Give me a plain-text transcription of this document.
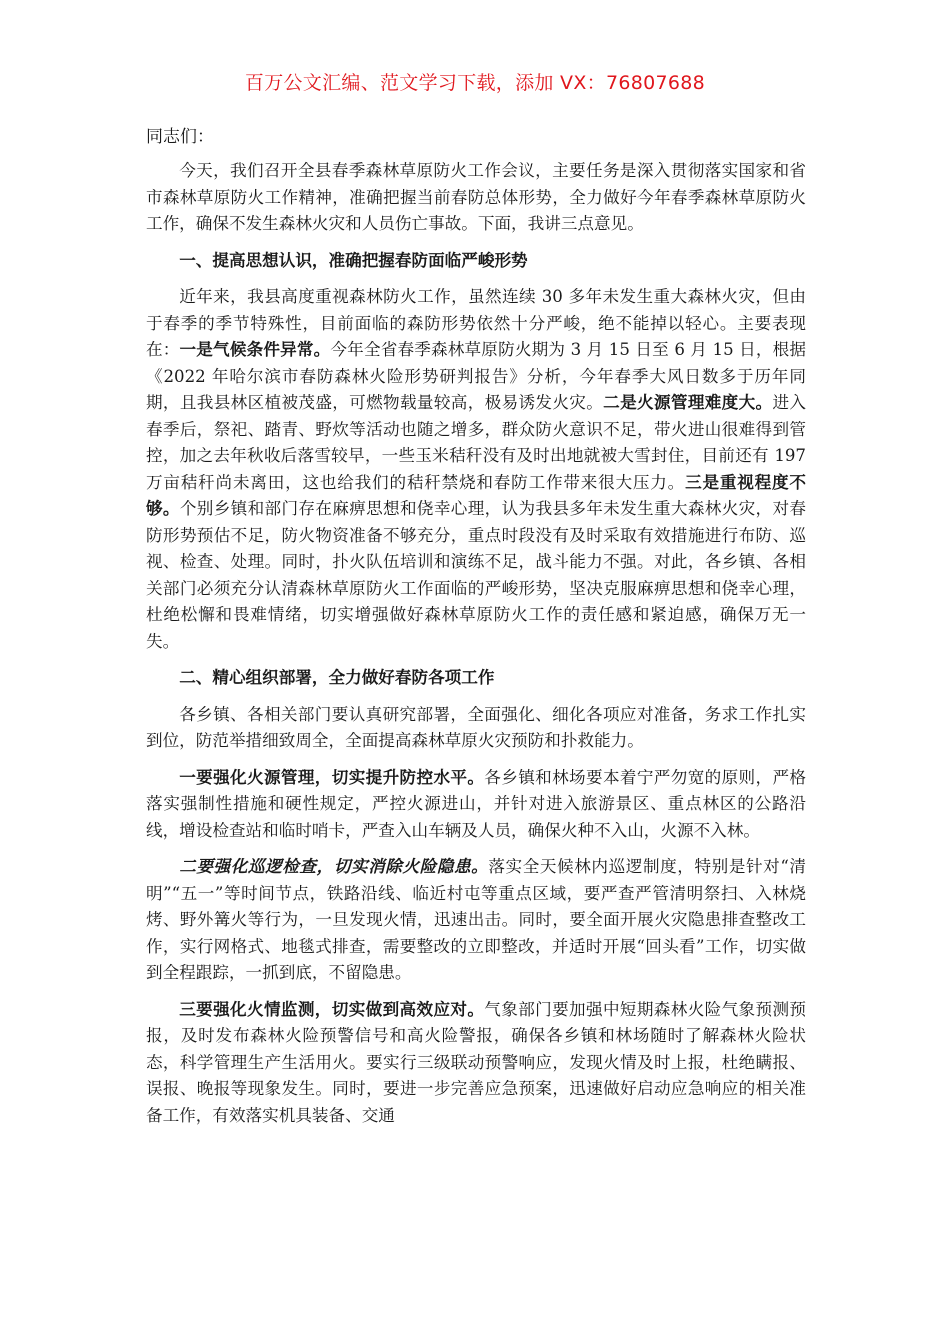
百万公文汇编、范文学习下载，添加 VX：76807688
同志们：

今天，我们召开全县春季森林草原防火工作会议，主要任务是深入贯彻落实国家和省市森林草原防火工作精神，准确把握当前春防总体形势，全力做好今年春季森林草原防火工作，确保不发生森林火灾和人员伤亡事故。下面，我讲三点意见。

一、提高思想认识，准确把握春防面临严峻形势

近年来，我县高度重视森林防火工作，虽然连续 30 多年未发生重大森林火灾，但由于春季的季节特殊性，目前面临的森防形势依然十分严峻，绝不能掉以轻心。主要表现在：一是气候条件异常。今年全省春季森林草原防火期为 3 月 15 日至 6 月 15 日，根据《2022 年哈尔滨市春防森林火险形势研判报告》分析，今年春季大风日数多于历年同期，且我县林区植被茂盛，可燃物载量较高，极易诱发火灾。二是火源管理难度大。进入春季后，祭祀、踏青、野炊等活动也随之增多，群众防火意识不足，带火进山很难得到管控，加之去年秋收后落雪较早，一些玉米秸秆没有及时出地就被大雪封住，目前还有 197 万亩秸秆尚未离田，这也给我们的秸秆禁烧和春防工作带来很大压力。三是重视程度不够。个别乡镇和部门存在麻痹思想和侥幸心理，认为我县多年未发生重大森林火灾，对春防形势预估不足，防火物资准备不够充分，重点时段没有及时采取有效措施进行布防、巡视、检查、处理。同时，扑火队伍培训和演练不足，战斗能力不强。对此，各乡镇、各相关部门必须充分认清森林草原防火工作面临的严峻形势，坚决克服麻痹思想和侥幸心理，杜绝松懈和畏难情绪，切实增强做好森林草原防火工作的责任感和紧迫感，确保万无一失。

二、精心组织部署，全力做好春防各项工作

各乡镇、各相关部门要认真研究部署，全面强化、细化各项应对准备，务求工作扎实到位，防范举措细致周全，全面提高森林草原火灾预防和扑救能力。

一要强化火源管理，切实提升防控水平。各乡镇和林场要本着宁严勿宽的原则，严格落实强制性措施和硬性规定，严控火源进山，并针对进入旅游景区、重点林区的公路沿线，增设检查站和临时哨卡，严查入山车辆及人员，确保火种不入山，火源不入林。

二要强化巡逻检查，切实消除火险隐患。落实全天候林内巡逻制度，特别是针对“清明”“五一”等时间节点，铁路沿线、临近村屯等重点区域，要严查严管清明祭扫、入林烧烤、野外篝火等行为，一旦发现火情，迅速出击。同时，要全面开展火灾隐患排查整改工作，实行网格式、地毯式排查，需要整改的立即整改，并适时开展“回头看”工作，切实做到全程跟踪，一抓到底，不留隐患。

三要强化火情监测，切实做到高效应对。气象部门要加强中短期森林火险气象预测预报，及时发布森林火险预警信号和高火险警报，确保各乡镇和林场随时了解森林火险状态，科学管理生产生活用火。要实行三级联动预警响应，发现火情及时上报，杜绝瞒报、误报、晚报等现象发生。同时，要进一步完善应急预案，迅速做好启动应急响应的相关准备工作，有效落实机具装备、交通
